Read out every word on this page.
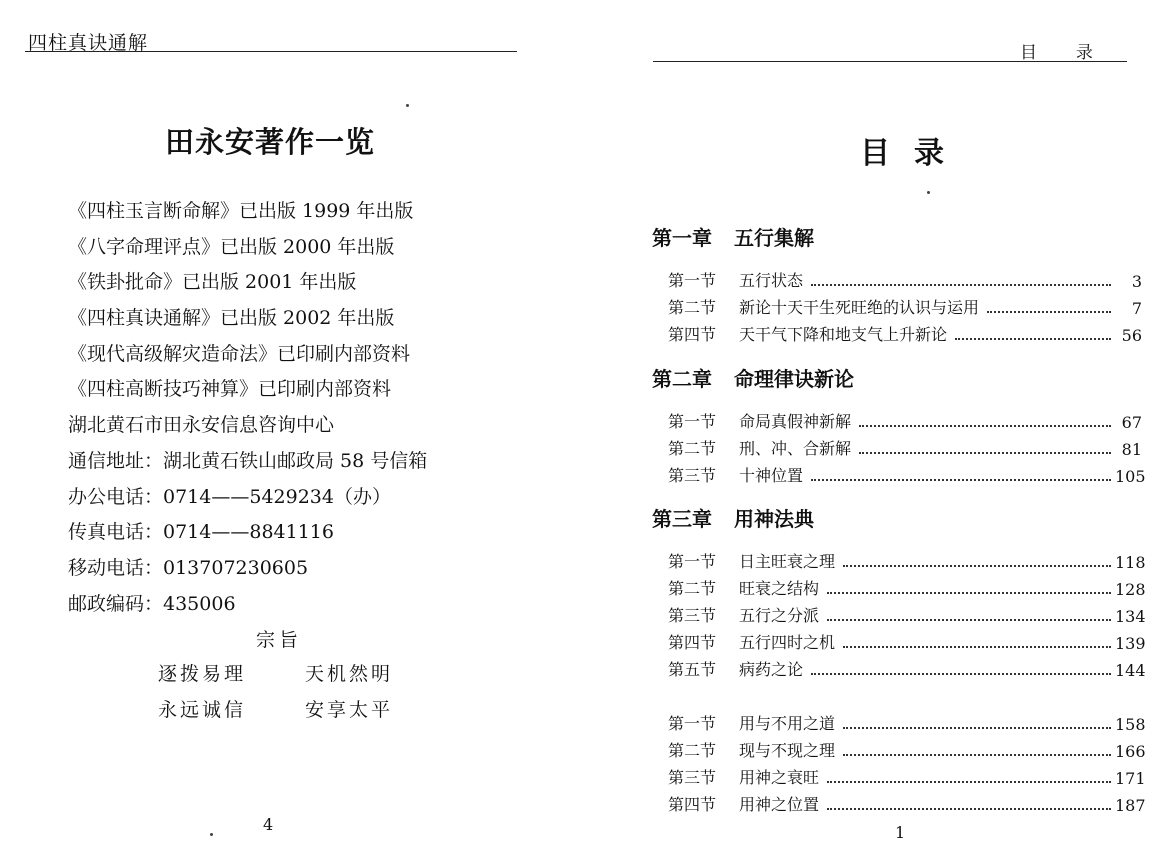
四柱真诀通解
田永安著作一览
《四柱玉言断命解》已出版 1999 年出版
《八字命理评点》已出版 2000 年出版
《铁卦批命》已出版 2001 年出版
《四柱真诀通解》已出版 2002 年出版
《现代高级解灾造命法》已印刷内部资料
《四柱高断技巧神算》已印刷内部资料
湖北黄石市田永安信息咨询中心
通信地址：湖北黄石铁山邮政局 58 号信箱
办公电话：0714——5429234（办）
传真电话：0714——8841116
移动电话：013707230605
邮政编码：435006
宗旨
逐拨易理	天机然明
永远诚信	安享太平
4
目 录
目录
第一章 五行集解
第一节	五行状态	3
第二节	新论十天干生死旺绝的认识与运用	7
第四节	天干气下降和地支气上升新论	56
第二章 命理律诀新论
第一节	命局真假神新解	67
第二节	刑、冲、合新解	81
第三节	十神位置	105
第三章 用神法典
第一节	日主旺衰之理	118
第二节	旺衰之结构	128
第三节	五行之分派	134
第四节	五行四时之机	139
第五节	病药之论	144
第一节	用与不用之道	158
第二节	现与不现之理	166
第三节	用神之衰旺	171
第四节	用神之位置	187
1
